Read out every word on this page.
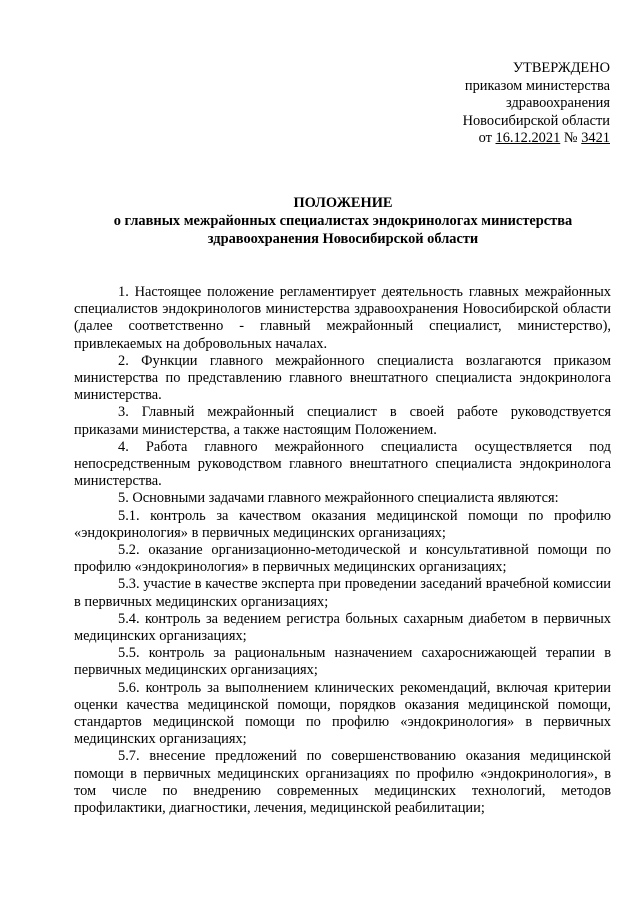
УТВЕРЖДЕНО
приказом министерства
здравоохранения
Новосибирской области
от 16.12.2021 № 3421
ПОЛОЖЕНИЕ
о главных межрайонных специалистах эндокринологах министерства
здравоохранения Новосибирской области

1. Настоящее положение регламентирует деятельность главных межрайонных специалистов эндокринологов министерства здравоохранения Новосибирской области (далее соответственно - главный межрайонный специалист, министерство), привлекаемых на добровольных началах.

2. Функции главного межрайонного специалиста возлагаются приказом министерства по представлению главного внештатного специалиста эндокринолога министерства.

3. Главный межрайонный специалист в своей работе руководствуется приказами министерства, а также настоящим Положением.

4. Работа главного межрайонного специалиста осуществляется под непосредственным руководством главного внештатного специалиста эндокринолога министерства.

5. Основными задачами главного межрайонного специалиста являются:

5.1. контроль за качеством оказания медицинской помощи по профилю «эндокринология» в первичных медицинских организациях;

5.2. оказание организационно-методической и консультативной помощи по профилю «эндокринология» в первичных медицинских организациях;

5.3. участие в качестве эксперта при проведении заседаний врачебной комиссии в первичных медицинских организациях;

5.4. контроль за ведением регистра больных сахарным диабетом в первичных медицинских организациях;

5.5. контроль за рациональным назначением сахароснижающей терапии в первичных медицинских организациях;

5.6. контроль за выполнением клинических рекомендаций, включая критерии оценки качества медицинской помощи, порядков оказания медицинской помощи, стандартов медицинской помощи по профилю «эндокринология» в первичных медицинских организациях;

5.7. внесение предложений по совершенствованию оказания медицинской помощи в первичных медицинских организациях по профилю «эндокринология», в том числе по внедрению современных медицинских технологий, методов профилактики, диагностики, лечения, медицинской реабилитации;
